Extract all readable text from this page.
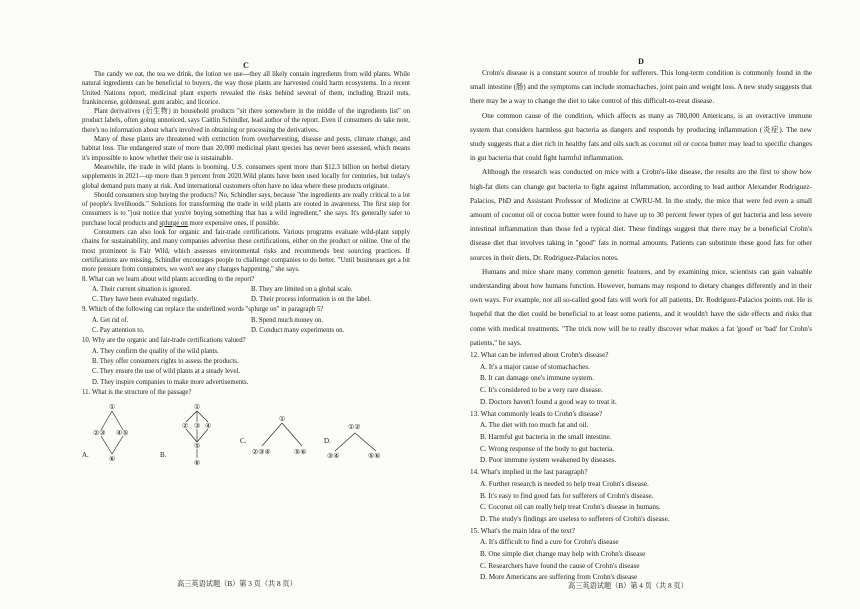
C

The candy we eat, the tea we drink, the lotion we use---they all likely contain ingredients from wild plants. While natural ingredients can be beneficial to buyers, the way those plants are harvested could harm ecosystems. In a recent United Nations report, medicinal plant experts revealed the risks behind several of them, including Brazil nuts, frankincense, goldenseal, gum arabic, and licorice.

Plant derivatives (衍生物) in household products "sit there somewhere in the middle of the ingredients list" on product labels, often going unnoticed, says Caitlin Schindler, lead author of the report. Even if consumers do take note, there's no information about what's involved in obtaining or processing the derivatives.

Many of these plants are threatened with extinction from overharvesting, disease and pests, climate change, and habitat loss. The endangered state of more than 20,000 medicinal plant species has never been assessed, which means it's impossible to know whether their use is sustainable.

Meanwhile, the trade in wild plants is booming. U.S. consumers spent more than $12.3 billion on herbal dietary supplements in 2021—up more than 9 percent from 2020.Wild plants have been used locally for centuries, but today's global demand puts many at risk. And international customers often have no idea where these products originate.

Should consumers stop buying the products? No, Schindler says, because "the ingredients are really critical to a lot of people's livelihoods." Solutions for transforming the trade in wild plants are rooted in awareness. The first step for consumers is to "just notice that you're buying something that has a wild ingredient," she says. It's generally safer to purchase local products and splurge on more expensive ones, if possible.

Consumers can also look for organic and fair-trade certifications. Various programs evaluate wild-plant supply chains for sustainability, and many companies advertise these certifications, either on the product or online. One of the most prominent is Fair Wild, which assesses environmental risks and recommends best sourcing practices. If certifications are missing, Schindler encourages people to challenge companies to do better. "Until businesses get a bit more pressure from consumers, we won't see any changes happening," she says.

8. What can we learn about wild plants according to the report?

A. Their current situation is ignored.	B. They are limited on a global scale.
C. They have been evaluated regularly.	D. Their process information is on the label.

9. Which of the following can replace the underlined words "splurge on" in paragraph 5?

A. Get rid of.	B. Spend much money on.
C. Pay attention to.	D. Conduct many experiments on.

10. Why are the organic and fair-trade certifications valued?

A. They confirm the quality of the wild plants.

B. They offer consumers rights to assess the products.

C. They ensure the use of wild plants at a steady level.

D. They inspire companies to make more advertisements.

11. What is the structure of the passage?

A.
①
②③ ④⑤
⑥	B.
①
② ③ ④
⑤
⑥
C.
①
②③④	⑤⑥
D.
①②
③④	⑤⑥
高三英语试题（B）第 3 页（共 8 页）
D

Crohn's disease is a constant source of trouble for sufferers. This long-term condition is commonly found in the small intestine (肠) and the symptoms can include stomachaches, joint pain and weight loss. A new study suggests that there may be a way to change the diet to take control of this difficult-to-treat disease.

One common cause of the condition, which affects as many as 780,000 Americans, is an overactive immune system that considers harmless gut bacteria as dangers and responds by producing inflammation (炎症). The new study suggests that a diet rich in healthy fats and oils such as coconut oil or cocoa butter may lead to specific changes in gut bacteria that could fight harmful inflammation.

Although the research was conducted on mice with a Crohn's-like disease, the results are the first to show how high-fat diets can change gut bacteria to fight against inflammation, according to lead author Alexander Rodriguez-Palacios, PhD and Assistant Professor of Medicine at CWRU-M. In the study, the mice that were fed even a small amount of coconut oil or cocoa butter were found to have up to 30 percent fewer types of gut bacteria and less severe intestinal inflammation than those fed a typical diet. These findings suggest that there may be a beneficial Crohn's disease diet that involves taking in "good" fats in normal amounts. Patients can substitute these good fats for other sources in their diets, Dr. Rodriguez-Palacios notes.

Humans and mice share many common genetic features, and by examining mice, scientists can gain valuable understanding about how humans function. However, humans may respond to dietary changes differently and in their own ways. For example, not all so-called good fats will work for all patients, Dr. Rodriguez-Palacios points out. He is hopeful that the diet could be beneficial to at least some patients, and it wouldn't have the side effects and risks that come with medical treatments. "The trick now will be to really discover what makes a fat 'good' or 'bad' for Crohn's patients," he says.

12. What can be inferred about Crohn's disease?

A. It's a major cause of stomachaches.

B. It can damage one's immune system.

C. It's considered to be a very rare disease.

D. Doctors haven't found a good way to treat it.

13. What commonly leads to Crohn's disease?

A. The diet with too much fat and oil.

B. Harmful gut bacteria in the small intestine.

C. Wrong response of the body to gut bacteria.

D. Poor immune system weakened by diseases.

14. What's implied in the last paragraph?

A. Further research is needed to help treat Crohn's disease.

B. It's easy to find good fats for sufferers of Crohn's disease.

C. Coconut oil can really help treat Crohn's disease in humans.

D. The study's findings are useless to sufferers of Crohn's disease.

15. What's the main idea of the text?

A. It's difficult to find a cure for Crohn's disease

B. One simple diet change may help with Crohn's disease

C. Researchers have found the cause of Crohn's disease

D. More Americans are suffering from Crohn's disease

高三英语试题（B）第 4 页（共 8 页）
